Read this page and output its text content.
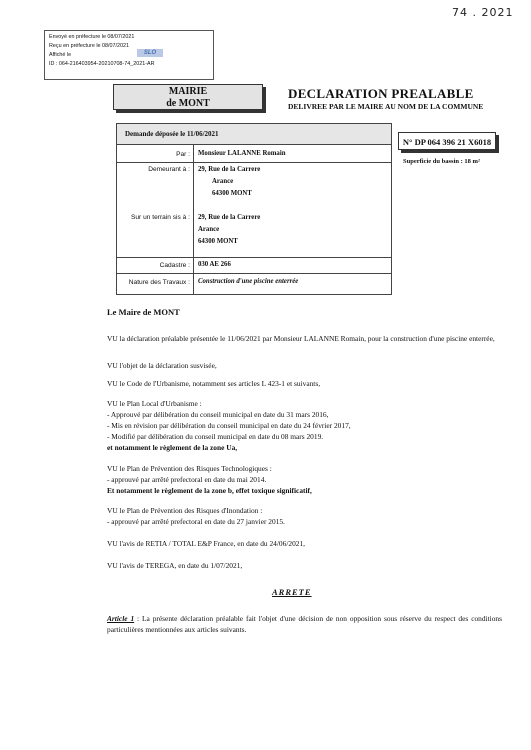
74 . 2021
Envoyé en préfecture le 08/07/2021
Reçu en préfecture le 08/07/2021
Affiché le
ID : 064-216403954-20210708-74_2021-AR
SLO
MAIRIE
de MONT
DECLARATION PREALABLE
DELIVREE PAR LE MAIRE AU NOM DE LA COMMUNE
N° DP 064 396 21 X6018
Superficie du bassin : 18 m²
Demande déposée le 11/06/2021
Par : Monsieur LALANNE Romain
Demeurant à : 29, Rue de la Carrere
Arance
64300 MONT
Sur un terrain sis à : 29, Rue de la Carrere
Arance
64300 MONT
Cadastre : 030 AE 266
Nature des Travaux : Construction d'une piscine enterrée
Le Maire de MONT
VU la déclaration préalable présentée le 11/06/2021 par Monsieur LALANNE Romain, pour la construction d'une piscine enterrée,
VU l'objet de la déclaration susvisée,
VU le Code de l'Urbanisme, notamment ses articles L 423-1 et suivants,
VU le Plan Local d'Urbanisme :
- Approuvé par délibération du conseil municipal en date du 31 mars 2016,
- Mis en révision par délibération du conseil municipal en date du 24 février 2017,
- Modifié par délibération du conseil municipal en date du 08 mars 2019.
et notamment le règlement de la zone Ua,
VU le Plan de Prévention des Risques Technologiques :
- approuvé par arrêté prefectoral en date du mai 2014.
Et notamment le règlement de la zone b, effet toxique significatif,
VU le Plan de Prévention des Risques d'Inondation :
- approuvé par arrêté prefectoral en date du 27 janvier 2015.
VU l'avis de RETIA / TOTAL E&P France, en date du 24/06/2021,
VU l'avis de TEREGA, en date du 1/07/2021,
ARRETE
Article 1 : La présente déclaration préalable fait l'objet d'une décision de non opposition sous réserve du respect des conditions particulières mentionnées aux articles suivants.
